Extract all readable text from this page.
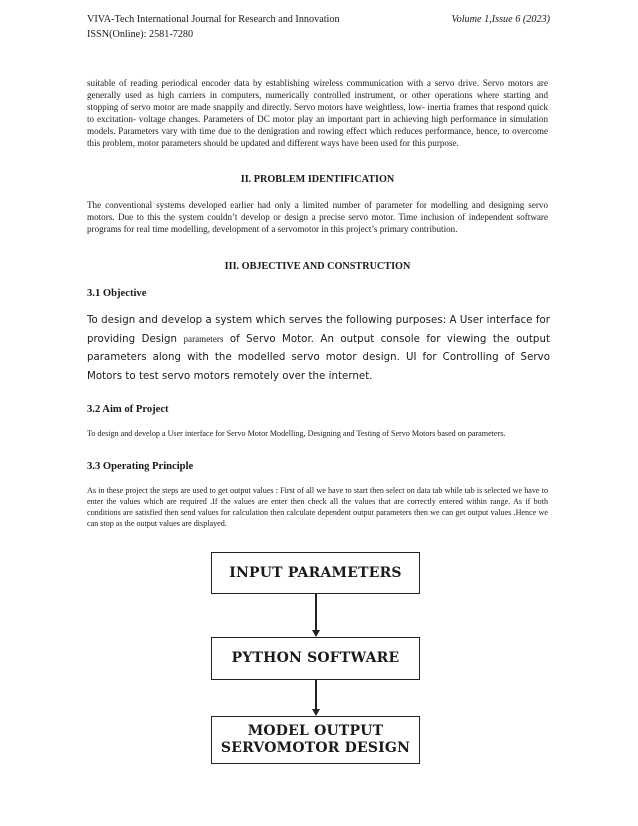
VIVA-Tech International Journal for Research and Innovation
ISSN(Online): 2581-7280
Volume 1,Issue 6 (2023)

suitable of reading periodical encoder data by establishing wireless communication with a servo drive. Servo motors are generally used as high carriers in computers, numerically controlled instrument, or other operations where starting and stopping of servo motor are made snappily and directly. Servo motors have weightless, low- inertia frames that respond quick to excitation- voltage changes. Parameters of DC motor play an important part in achieving high performance in simulation models. Parameters vary with time due to the denigration and rowing effect which reduces performance, hence, to overcome this problem, motor parameters should be updated and different ways have been used for this purpose.

II. PROBLEM IDENTIFICATION

The conventional systems developed earlier had only a limited number of parameter for modelling and designing servo motors. Due to this the system couldn’t develop or design a precise servo motor. Time inclusion of independent software programs for real time modelling, development of a servomotor in this project’s primary contribution.

III. OBJECTIVE AND CONSTRUCTION

3.1 Objective

To design and develop a system which serves the following purposes: A User interface for providing Design parameters of Servo Motor. An output console for viewing the output parameters along with the modelled servo motor design. UI for Controlling of Servo Motors to test servo motors remotely over the internet.

3.2 Aim of Project

To design and develop a User interface for Servo Motor Modelling, Designing and Testing of Servo Motors based on parameters.

3.3 Operating Principle

As in these project the steps are used to get output values : First of all we have to start then select on data tab while tab is selected we have to enter the values which are required .If the values are enter then check all the values that are correctly entered within range. As if both conditions are satisfied then send values for calculation then calculate dependent output parameters then we can get output values .Hence we can stop as the output values are displayed.

INPUT PARAMETERS
PYTHON SOFTWARE
MODEL OUTPUT
SERVOMOTOR DESIGN
